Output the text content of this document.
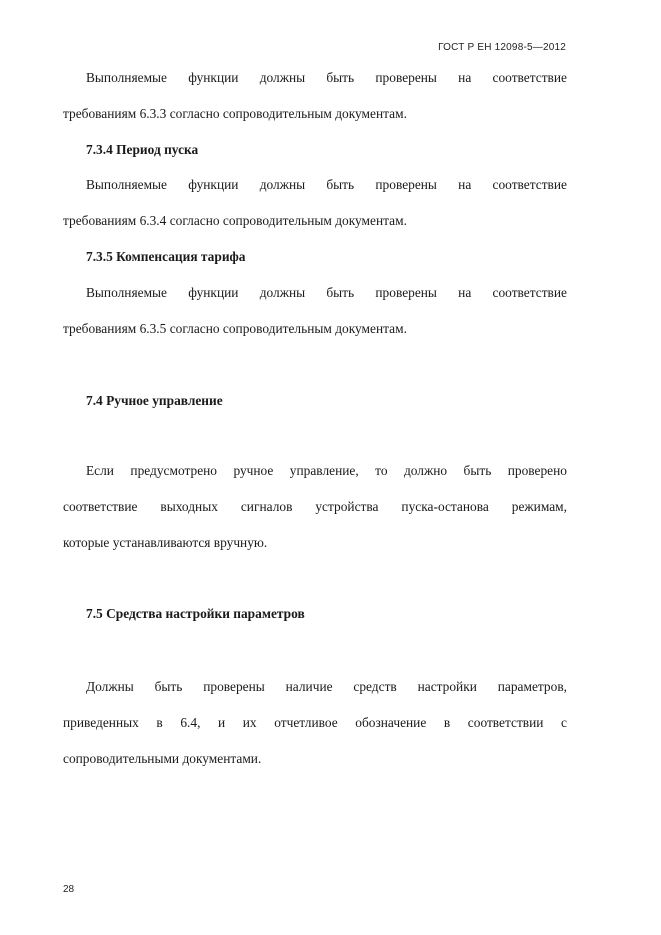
ГОСТ Р ЕН 12098-5—2012
Выполняемые функции должны быть проверены на соответствие
требованиям 6.3.3 согласно сопроводительным документам.
7.3.4 Период пуска
Выполняемые функции должны быть проверены на соответствие
требованиям 6.3.4 согласно сопроводительным документам.
7.3.5 Компенсация тарифа
Выполняемые функции должны быть проверены на соответствие
требованиям 6.3.5 согласно сопроводительным документам.
7.4 Ручное управление
Если предусмотрено ручное управление, то должно быть проверено
соответствие выходных сигналов устройства пуска-останова режимам,
которые устанавливаются вручную.
7.5 Средства настройки параметров
Должны быть проверены наличие средств настройки параметров,
приведенных в 6.4, и их отчетливое обозначение в соответствии с
сопроводительными документами.
28
